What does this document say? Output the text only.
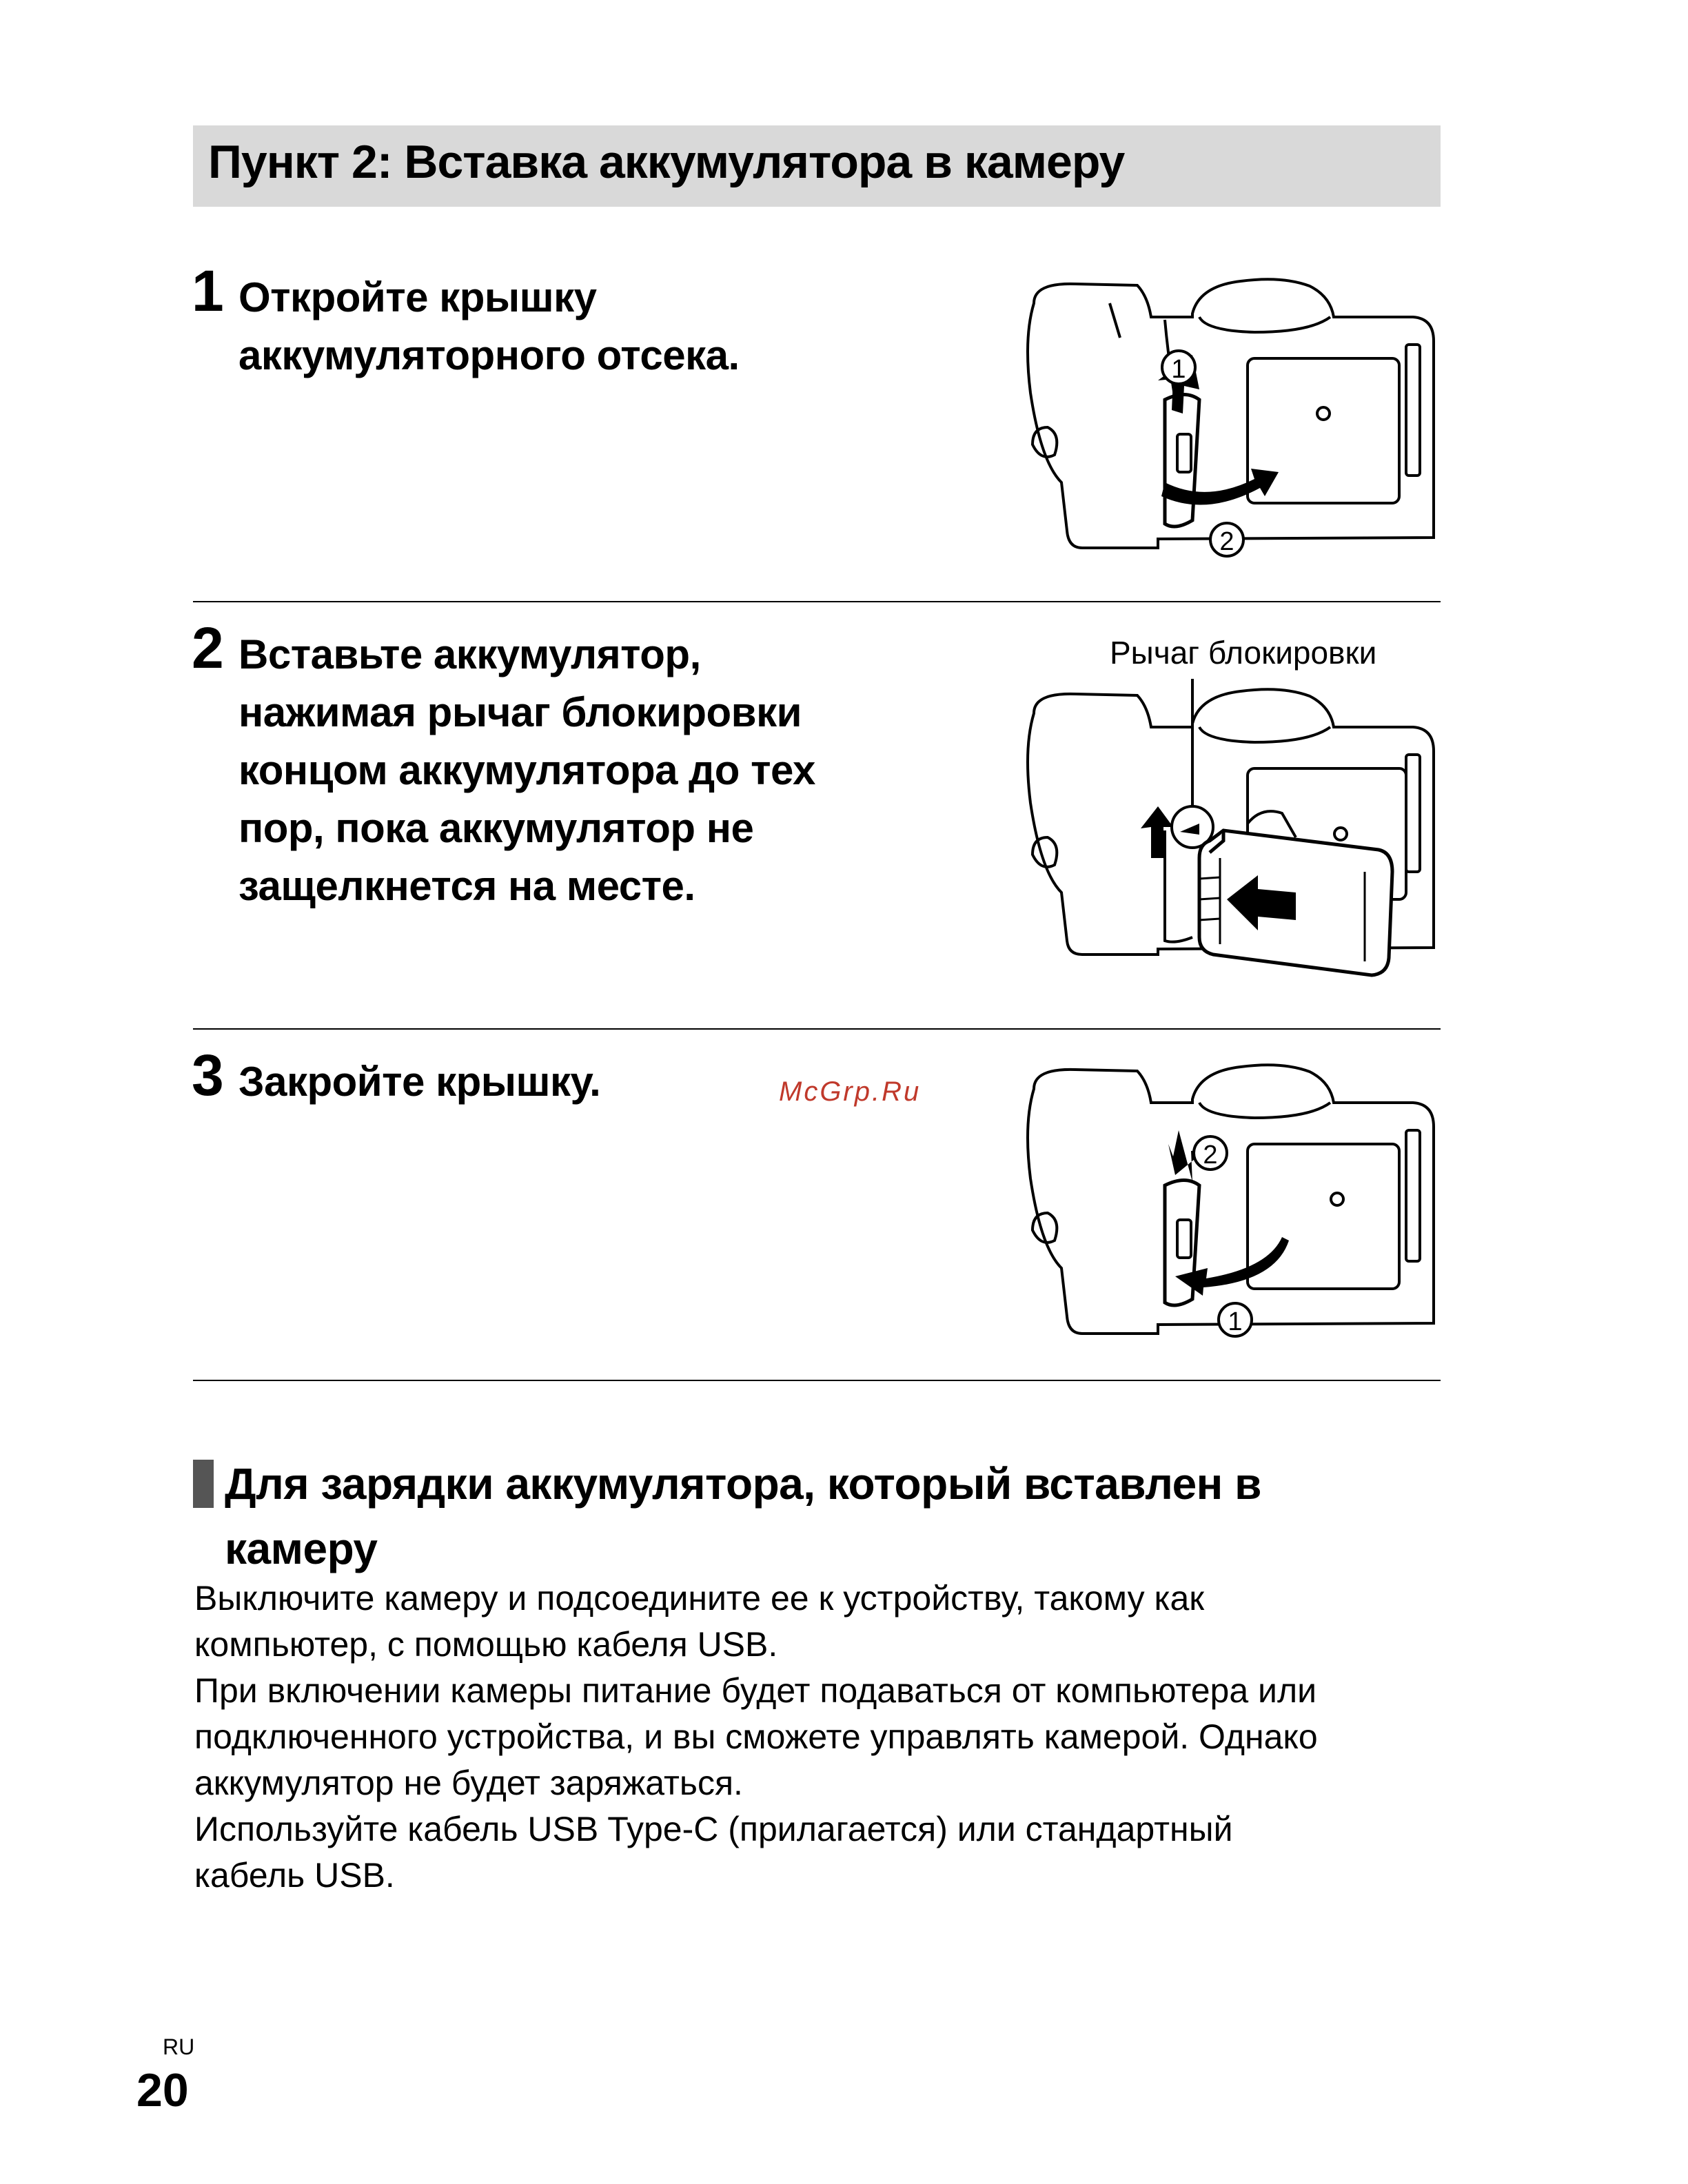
Пункт 2: Вставка аккумулятора в камеру
1 Откройте крышку
аккумуляторного отсека.	1
2
2 Вставьте аккумулятор,
нажимая рычаг блокировки
концом аккумулятора до тех
пор, пока аккумулятор не
защелкнется на месте.
Рычаг блокировки
3 Закройте крышку.	McGrp.Ru
2
1
Для зарядки аккумулятора, который вставлен в
камеру

Выключите камеру и подсоедините ее к устройству, такому как
компьютер, с помощью кабеля USB.

При включении камеры питание будет подаваться от компьютера или
подключенного устройства, и вы сможете управлять камерой. Однако
аккумулятор не будет заряжаться.

Используйте кабель USB Type-C (прилагается) или стандартный
кабель USB.

RU
20
